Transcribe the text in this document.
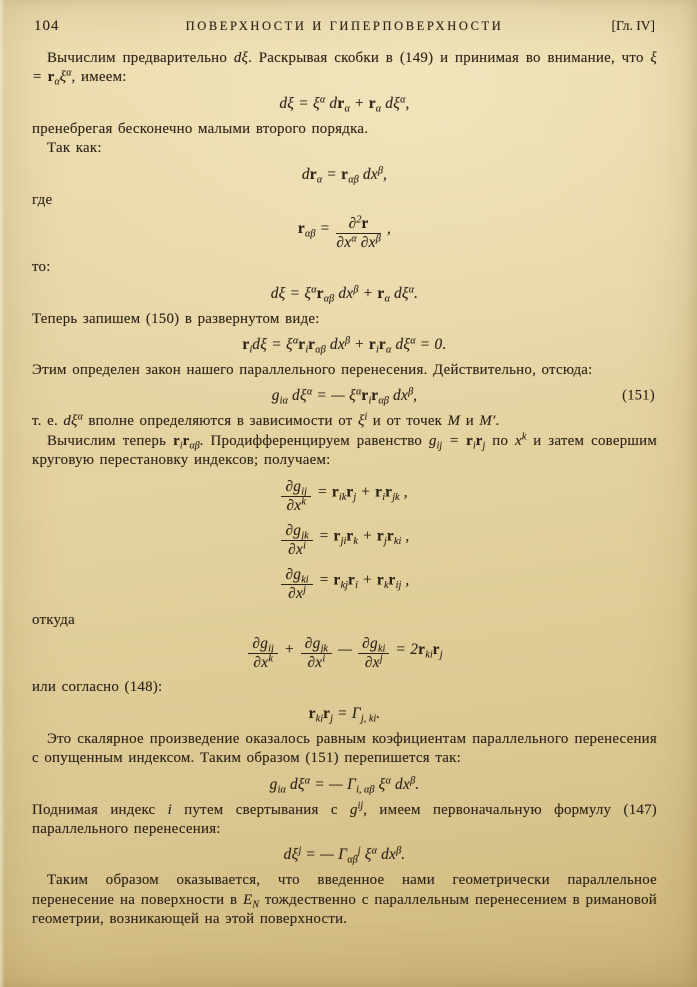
104	ПОВЕРХНОСТИ И ГИПЕРПОВЕРХНОСТИ	[Гл. IV]

Вычислим предварительно dξ. Раскрывая скобки в (149) и принимая во внимание, что $\xi = r_\alpha\xi^\alpha$, имеем:

$d\xi = \xi^\alpha$ $dr_\alpha + r_\alpha$ $d\xi^\alpha$,

пренебрегая бесконечно малыми второго порядка.

Так как:

$dr_\alpha = r_{\alpha\beta}$ $dx^\beta$,

где

$r_{\alpha\beta} = \frac{\partial^2r}{\partial x^\alpha \partial x^\beta}$ ,

то:

$d\xi = \xi^\alpha r_{\alpha\beta}$ $dx^\beta + r_\alpha$ $d\xi^\alpha$.

Теперь запишем (150) в развернутом виде:

$r_id\xi = \xi^\alpha r_ir_{\alpha\beta}$ $dx^\beta + r_ir_\alpha$ $d\xi^\alpha = 0$.

Этим определен закон нашего параллельного перенесения. Действительно, отсюда:

$g_{i\alpha}$ $d\xi^\alpha$ = — $\xi^\alpha r_ir_{\alpha\beta}$ $dx^\beta$,	(151)

т. е. $d\xi^\alpha$ вполне определяются в зависимости от $\xi^i$ и от точек M и M′.

Вычислим теперь $r_ir_{\alpha\beta}$. Продифференцируем равенство $g_{ij} = r_ir_j$ по $x^k$ и затем совершим круговую перестановку индексов; получаем:

$\frac{\partial g_{ij}}{\partial x^k} = r_{ik}r_j + r_ir_{jk}$ ,
$\frac{\partial g_{jk}}{\partial x^i} = r_{ji}r_k + r_jr_{ki}$ ,
$\frac{\partial g_{ki}}{\partial x^j} = r_{kj}r_i + r_kr_{ij}$ ,

откуда

$\frac{\partial g_{ij}}{\partial x^k} + \frac{\partial g_{jk}}{\partial x^i}$ — $\frac{\partial g_{ki}}{\partial x^j} = 2r_{ki}r_j$

или согласно (148):

$r_{ki}r_j = \Gamma_{j, ki}$.

Это скалярное произведение оказалось равным коэфициентам параллельного перенесения с опущенным индексом. Таким образом (151) перепишется так:

$g_{i\alpha}$ $d\xi^\alpha$ = — $\Gamma_{i, \alpha\beta}$ $\xi^\alpha$ $dx^\beta$.

Поднимая индекс i путем свертывания с $g^{ij}$, имеем первоначальную формулу (147) параллельного перенесения:

$d\xi^j$ = — $\Gamma_{\alpha\beta}^j$ $\xi^\alpha$ $dx^\beta$.

Таким образом оказывается, что введенное нами геометрически параллельное перенесение на поверхности в $E_N$ тождественно с параллельным перенесением в римановой геометрии, возникающей на этой поверхности.
